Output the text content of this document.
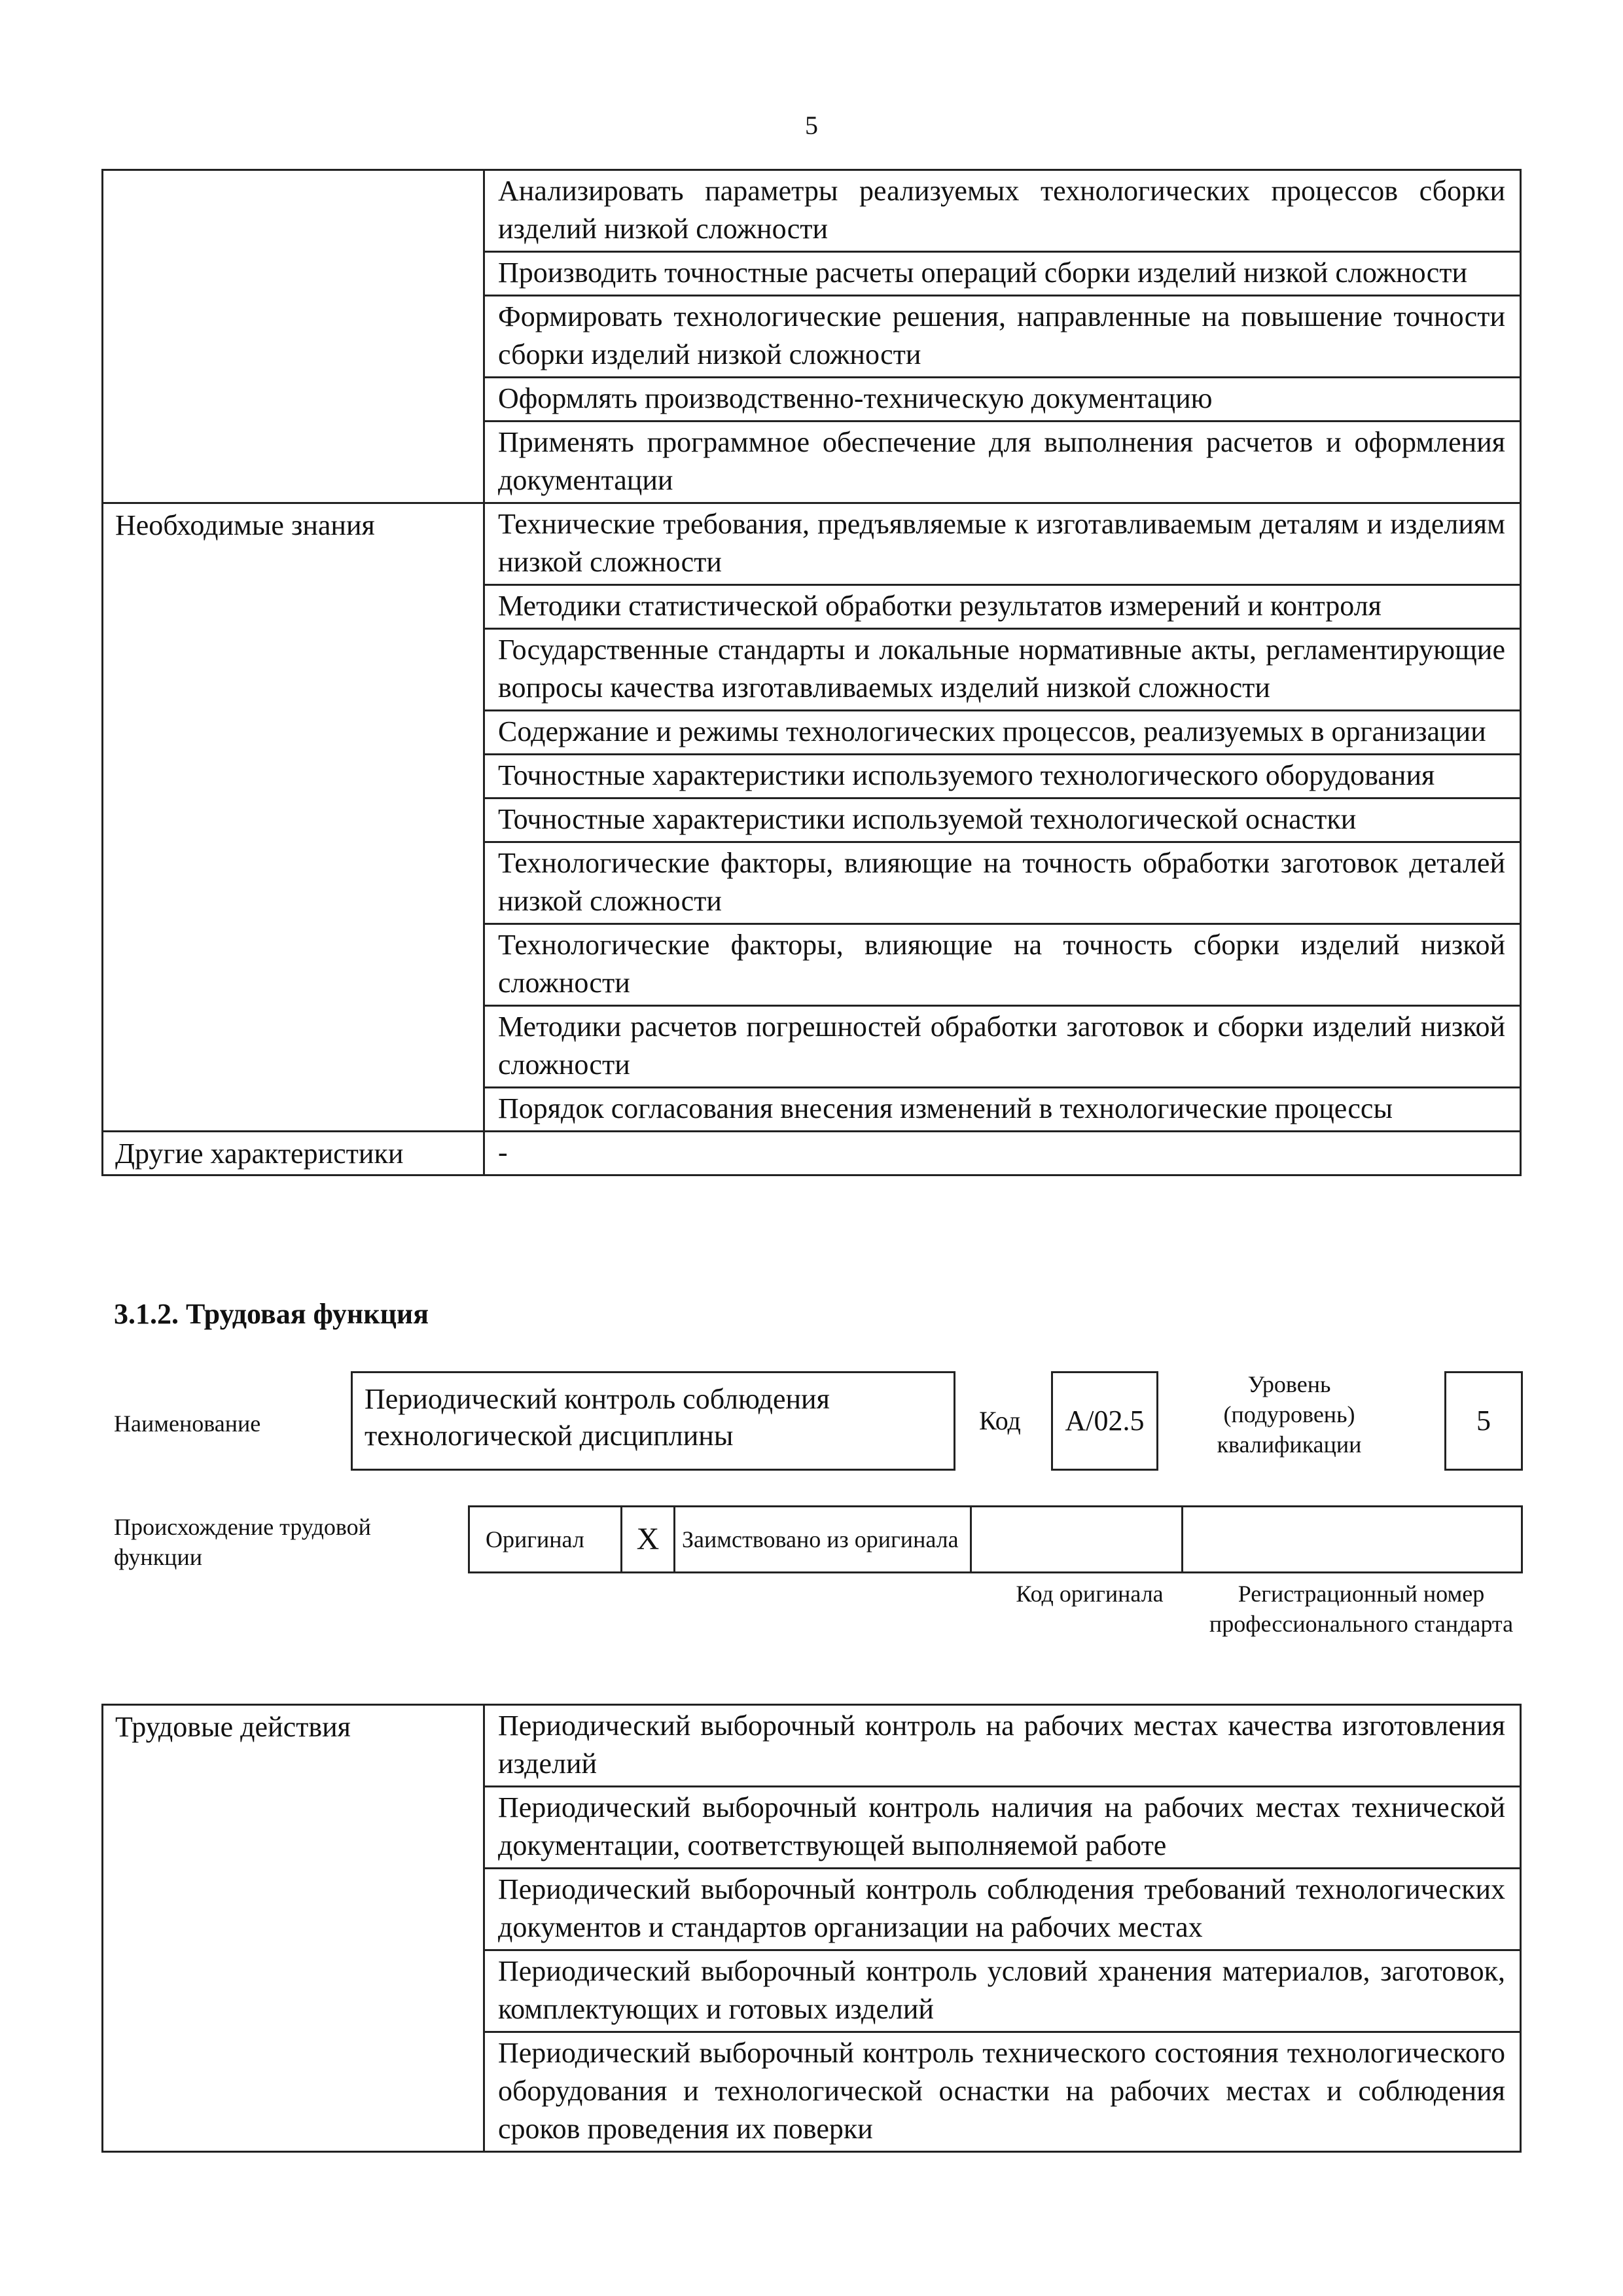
5
	Анализировать параметры реализуемых технологических процессов сборки изделий низкой сложности
	Производить точностные расчеты операций сборки изделий низкой сложности
	Формировать технологические решения, направленные на повышение точности сборки изделий низкой сложности
	Оформлять производственно-техническую документацию
	Применять программное обеспечение для выполнения расчетов и оформления документации
Необходимые знания	Технические требования, предъявляемые к изготавливаемым деталям и изделиям низкой сложности
	Методики статистической обработки результатов измерений и контроля
	Государственные стандарты и локальные нормативные акты, регламентирующие вопросы качества изготавливаемых изделий низкой сложности
	Содержание и режимы технологических процессов, реализуемых в организации
	Точностные характеристики используемого технологического оборудования
	Точностные характеристики используемой технологической оснастки
	Технологические факторы, влияющие на точность обработки заготовок деталей низкой сложности
	Технологические факторы, влияющие на точность сборки изделий низкой сложности
	Методики расчетов погрешностей обработки заготовок и сборки изделий низкой сложности
	Порядок согласования внесения изменений в технологические процессы
Другие характеристики	-
3.1.2. Трудовая функция
Наименование
Периодический контроль соблюдения технологической дисциплины	Код	A/02.5
Уровень (подуровень) квалификации
5
Происхождение трудовой функции
Оригинал	X	Заимствовано из оригинала		
Код оригинала	Регистрационный номер профессионального стандарта
Трудовые действия	Периодический выборочный контроль на рабочих местах качества изготовления изделий
Периодический выборочный контроль наличия на рабочих местах технической документации, соответствующей выполняемой работе
Периодический выборочный контроль соблюдения требований технологических документов и стандартов организации на рабочих местах
Периодический выборочный контроль условий хранения материалов, заготовок, комплектующих и готовых изделий
Периодический выборочный контроль технического состояния технологического оборудования и технологической оснастки на рабочих местах и соблюдения сроков проведения их поверки
